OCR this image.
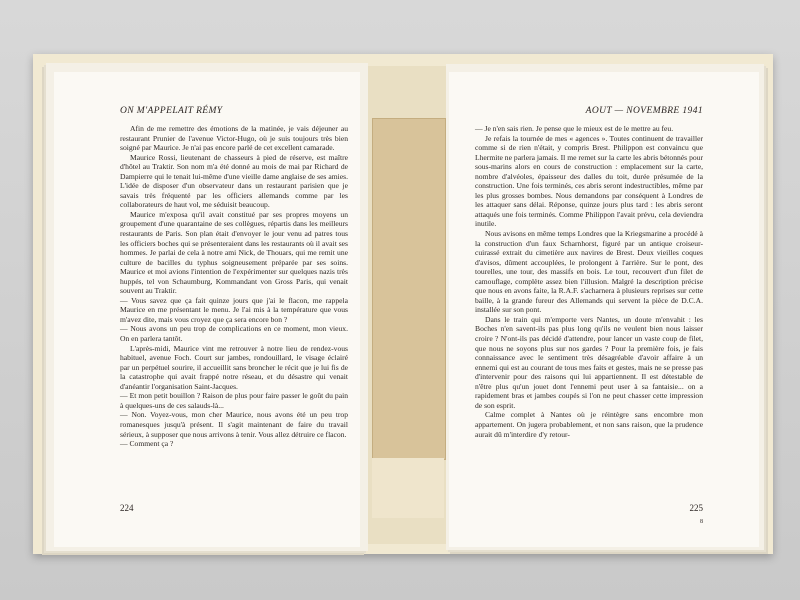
ON M'APPELAIT RÉMY

Afin de me remettre des émotions de la matinée, je vais déjeuner au restaurant Prunier de l'avenue Victor-Hugo, où je suis toujours très bien soigné par Maurice. Je n'ai pas encore parlé de cet excellent camarade.

Maurice Rossi, lieutenant de chasseurs à pied de réserve, est maître d'hôtel au Traktir. Son nom m'a été donné au mois de mai par Richard de Dampierre qui le tenait lui-même d'une vieille dame anglaise de ses amies. L'idée de disposer d'un observateur dans un restaurant parisien que je savais très fréquenté par les officiers allemands comme par les collaborateurs de haut vol, me séduisit beaucoup.

Maurice m'exposa qu'il avait constitué par ses propres moyens un groupement d'une quarantaine de ses collègues, répartis dans les meilleurs restaurants de Paris. Son plan était d'envoyer le jour venu ad patres tous les officiers boches qui se présenteraient dans les restaurants où il avait ses hommes. Je parlai de cela à notre ami Nick, de Thouars, qui me remit une culture de bacilles du typhus soigneusement préparée par ses soins. Maurice et moi avions l'intention de l'expérimenter sur quelques nazis très huppés, tel von Schaumburg, Kommandant von Gross Paris, qui venait souvent au Traktir.

— Vous savez que ça fait quinze jours que j'ai le flacon, me rappela Maurice en me présentant le menu. Je l'ai mis à la température que vous m'avez dite, mais vous croyez que ça sera encore bon ?

— Nous avons un peu trop de complications en ce moment, mon vieux. On en parlera tantôt.

L'après-midi, Maurice vint me retrouver à notre lieu de rendez-vous habituel, avenue Foch. Court sur jambes, rondouillard, le visage éclairé par un perpétuel sourire, il accueillit sans broncher le récit que je lui fis de la catastrophe qui avait frappé notre réseau, et du désastre qui venait d'anéantir l'organisation Saint-Jacques.

— Et mon petit bouillon ? Raison de plus pour faire passer le goût du pain à quelques-uns de ces salauds-là...

— Non. Voyez-vous, mon cher Maurice, nous avons été un peu trop romanesques jusqu'à présent. Il s'agit maintenant de faire du travail sérieux, à supposer que nous arrivons à tenir. Vous allez détruire ce flacon.

— Comment ça ?

224
AOUT — NOVEMBRE 1941

— Je n'en sais rien. Je pense que le mieux est de le mettre au feu.

Je refais la tournée de mes « agences ». Toutes continuent de travailler comme si de rien n'était, y compris Brest. Philippon est convaincu que Lhermite ne parlera jamais. Il me remet sur la carte les abris bétonnés pour sous-marins alors en cours de construction : emplacement sur la carte, nombre d'alvéoles, épaisseur des dalles du toit, durée présumée de la construction. Une fois terminés, ces abris seront indestructibles, même par les plus grosses bombes. Nous demandons par conséquent à Londres de les attaquer sans délai. Réponse, quinze jours plus tard : les abris seront attaqués une fois terminés. Comme Philippon l'avait prévu, cela deviendra inutile.

Nous avisons en même temps Londres que la Kriegsmarine a procédé à la construction d'un faux Scharnhorst, figuré par un antique croiseur-cuirassé extrait du cimetière aux navires de Brest. Deux vieilles coques d'avisos, dûment accouplées, le prolongent à l'arrière. Sur le pont, des tourelles, une tour, des massifs en bois. Le tout, recouvert d'un filet de camouflage, complète assez bien l'illusion. Malgré la description précise que nous en avons faite, la R.A.F. s'acharnera à plusieurs reprises sur cette baille, à la grande fureur des Allemands qui servent la pièce de D.C.A. installée sur son pont.

Dans le train qui m'emporte vers Nantes, un doute m'envahit : les Boches n'en savent-ils pas plus long qu'ils ne veulent bien nous laisser croire ? N'ont-ils pas décidé d'attendre, pour lancer un vaste coup de filet, que nous ne soyons plus sur nos gardes ? Pour la première fois, je fais connaissance avec le sentiment très désagréable d'avoir affaire à un ennemi qui est au courant de tous mes faits et gestes, mais ne se presse pas d'intervenir pour des raisons qui lui appartiennent. Il est détestable de n'être plus qu'un jouet dont l'ennemi peut user à sa fantaisie... on a rapidement bras et jambes coupés si l'on ne peut chasser cette impression de son esprit.

Calme complet à Nantes où je réintègre sans encombre mon appartement. On jugera probablement, et non sans raison, que la prudence aurait dû m'interdire d'y retour-

225
8
